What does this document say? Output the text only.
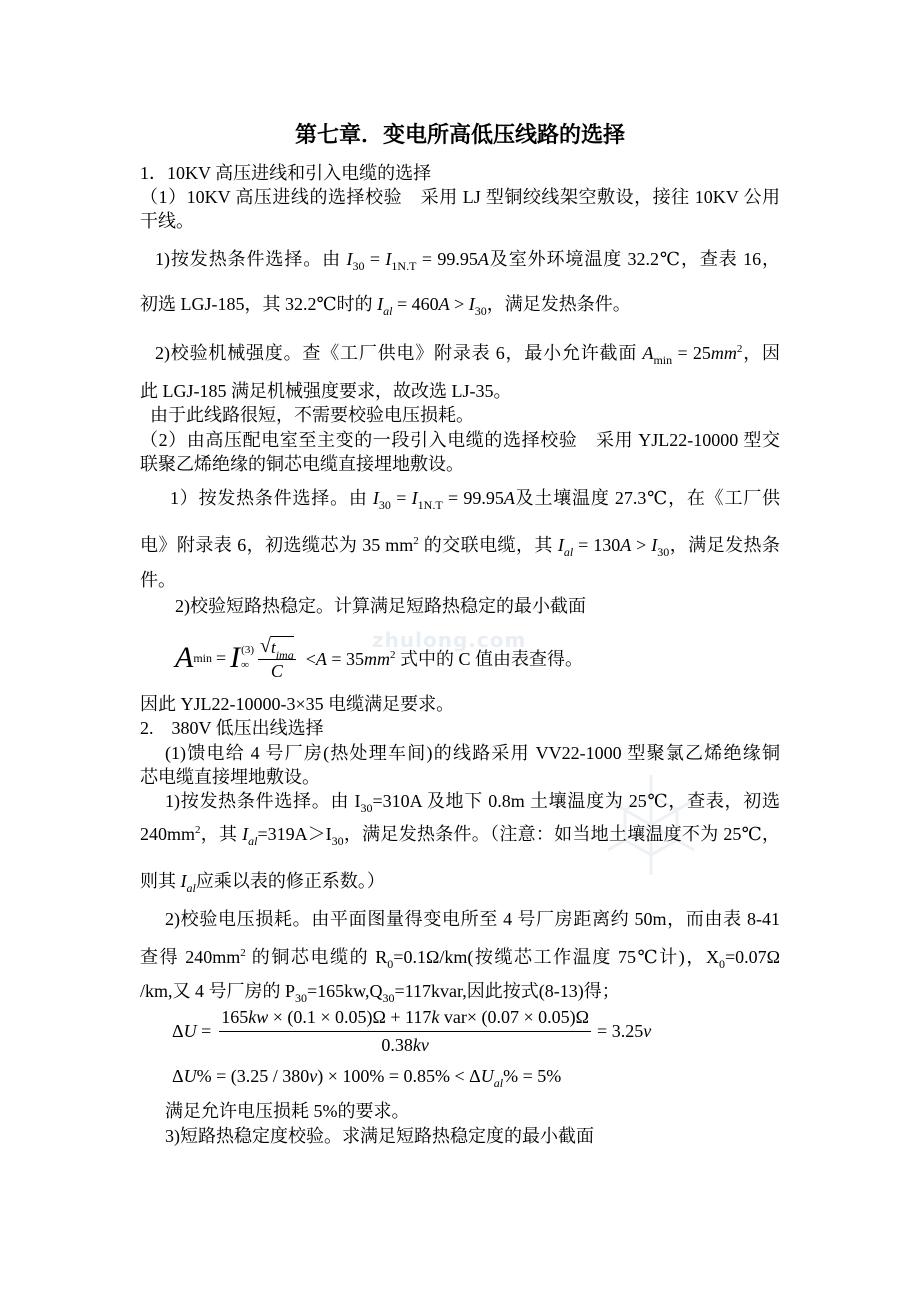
zhulong.com
第七章．变电所高低压线路的选择
1．10KV 高压进线和引入电缆的选择
（1）10KV 高压进线的选择校验　采用 LJ 型铜绞线架空敷设，接往 10KV 公用
干线。
1)按发热条件选择。由 $I_{30} = I_{1N.T} = 99.95A$及室外环境温度 32.2℃，查表 16，
初选 LGJ-185，其 32.2℃时的 $I_{al} = 460A > I_{30}$，满足发热条件。
2)校验机械强度。查《工厂供电》附录表 6，最小允许截面 $A_{min} = 25mm^2$，因
此 LGJ-185 满足机械强度要求，故改选 LJ-35。
由于此线路很短，不需要校验电压损耗。
（2）由高压配电室至主变的一段引入电缆的选择校验　采用 YJL22-10000 型交
联聚乙烯绝缘的铜芯电缆直接埋地敷设。
1）按发热条件选择。由 $I_{30} = I_{1N.T} = 99.95A$及土壤温度 27.3℃，在《工厂供
电》附录表 6，初选缆芯为 35 $mm^2$ 的交联电缆，其 $I_{al} = 130A > I_{30}$，满足发热条
件。
2)校验短路热稳定。计算满足短路热稳定的最小截面
A min = I (3)
∞ $\frac{√ t_{ima}}{C} <A = 35mm^2$ 式中的 C 值由表查得。
因此 YJL22-10000-3×35 电缆满足要求。
2.　380V 低压出线选择
(1)馈电给 4 号厂房(热处理车间)的线路采用 VV22-1000 型聚氯乙烯绝缘铜
芯电缆直接埋地敷设。
1)按发热条件选择。由 $I_{30}=310A$ 及地下 0.8m 土壤温度为 25℃，查表，初选
$240mm^2$，其 $I_{al}=319A>I_{30}$，满足发热条件。（注意：如当地土壤温度不为 25℃，
则其 $I_{al}$应乘以表的修正系数。）
2)校验电压损耗。由平面图量得变电所至 4 号厂房距离约 50m，而由表 8-41
查得 $240mm^2$ 的铜芯电缆的 $R_0=0.1\Omega/km$(按缆芯工作温度 75℃计)，$X_0=0.07\Omega$
/km,又 4 号厂房的 $P_{30}=165kw,Q_{30}=117kvar$,因此按式(8-13)得；
$\Delta U = \frac{\text{165kw × (0.1 × 0.05)Ω + 117k var× (0.07 × 0.05)Ω}}{0.38kv} = 3.25v$
$\Delta U\% = (3.25 / 380v) \times 100\% = 0.85\% < \Delta U_{al}\% = 5\%$
满足允许电压损耗 5%的要求。
3)短路热稳定度校验。求满足短路热稳定度的最小截面
